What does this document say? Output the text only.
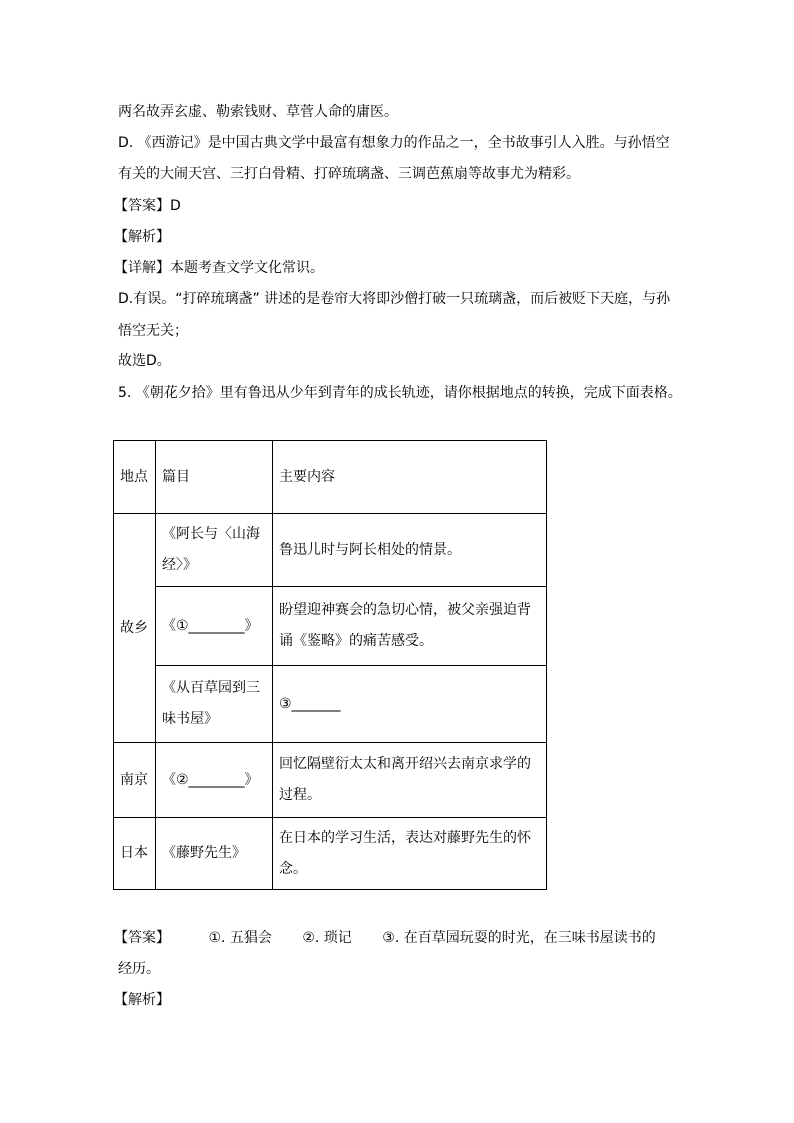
两名故弄玄虚、勒索钱财、草菅人命的庸医。
D. 《西游记》是中国古典文学中最富有想象力的作品之一，全书故事引人入胜。与孙悟空
有关的大闹天宫、三打白骨精、打碎琉璃盏、三调芭蕉扇等故事尤为精彩。
【答案】D
【解析】
【详解】本题考查文学文化常识。
D.有误。“打碎琉璃盏” 讲述的是卷帘大将即沙僧打破一只琉璃盏，而后被贬下天庭，与孙
悟空无关；
故选D。
5. 《朝花夕拾》里有鲁迅从少年到青年的成长轨迹，请你根据地点的转换，完成下面表格。
地点	篇目	主要内容
故乡	《阿长与〈山海经〉》	鲁迅儿时与阿长相处的情景。
	《①________》	盼望迎神赛会的急切心情，被父亲强迫背诵《鉴略》的痛苦感受。
	《从百草园到三味书屋》	③_______
南京	《②________》	回忆隔壁衍太太和离开绍兴去南京求学的过程。
日本	《藤野先生》	在日本的学习生活，表达对藤野先生的怀念。
【答案】	①. 五猖会 ②. 琐记 ③. 在百草园玩耍的时光，在三味书屋读书的
经历。
【解析】
